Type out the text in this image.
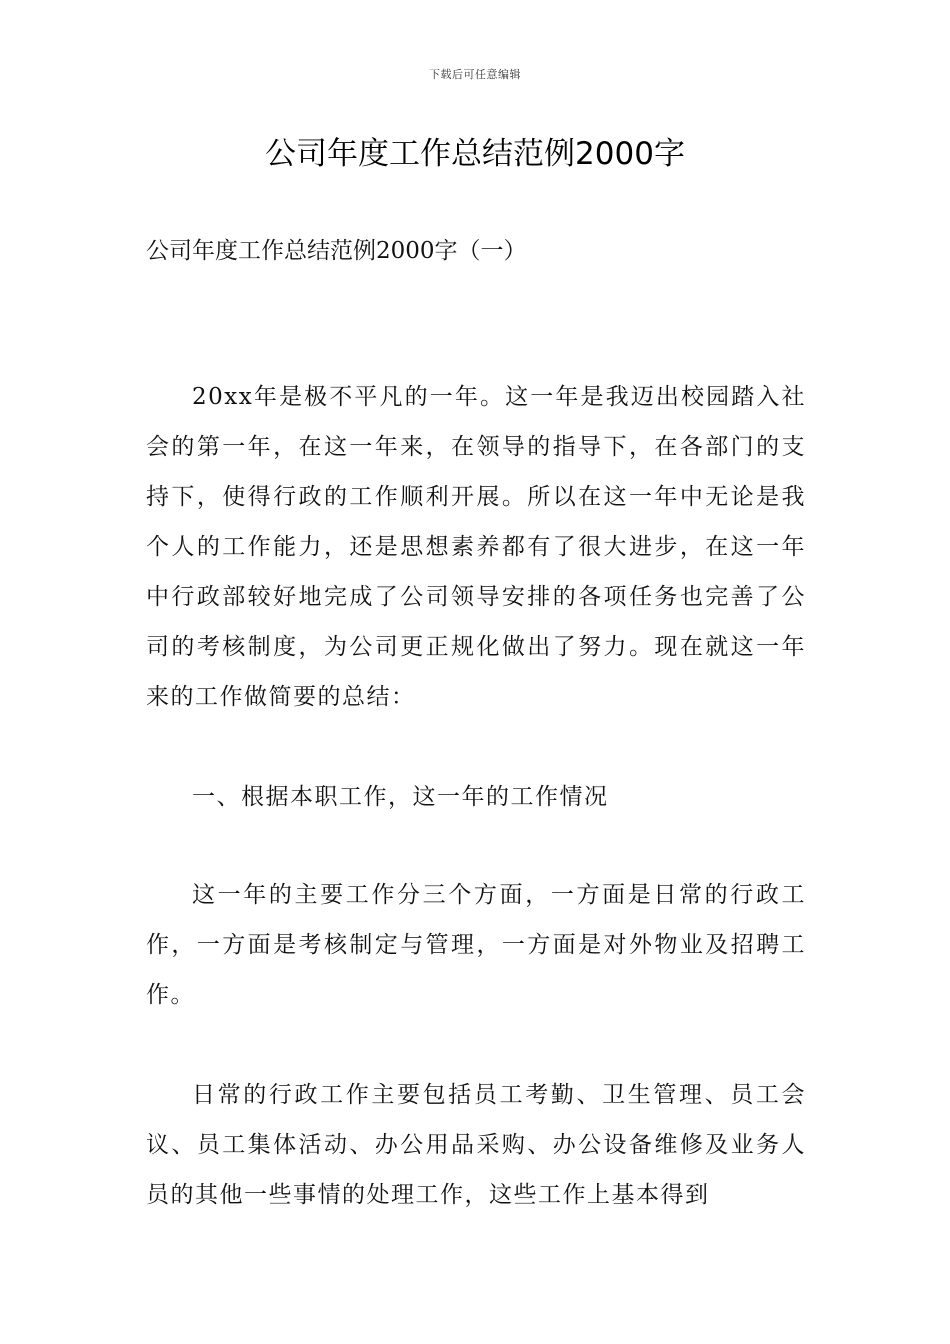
下载后可任意编辑
公司年度工作总结范例2000字
公司年度工作总结范例2000字（一）

20xx年是极不平凡的一年。这一年是我迈出校园踏入社会的第一年，在这一年来，在领导的指导下，在各部门的支持下，使得行政的工作顺利开展。所以在这一年中无论是我个人的工作能力，还是思想素养都有了很大进步，在这一年中行政部较好地完成了公司领导安排的各项任务也完善了公司的考核制度，为公司更正规化做出了努力。现在就这一年来的工作做简要的总结：

一、根据本职工作，这一年的工作情况

这一年的主要工作分三个方面，一方面是日常的行政工作，一方面是考核制定与管理，一方面是对外物业及招聘工作。

日常的行政工作主要包括员工考勤、卫生管理、员工会议、员工集体活动、办公用品采购、办公设备维修及业务人员的其他一些事情的处理工作，这些工作上基本得到
